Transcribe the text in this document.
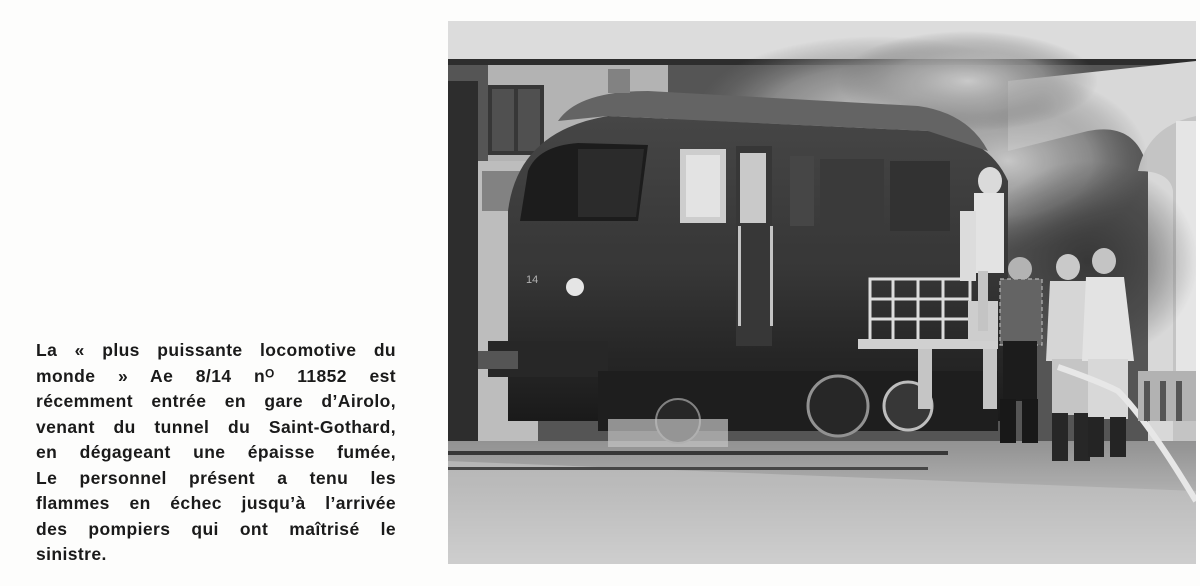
La « plus puissante locomotive du
monde » Ae 8/14 nᴼ 11852 est
récemment entrée en gare d’Airolo,
venant du tunnel du Saint-Gothard,
en dégageant une épaisse fumée,
Le personnel présent a tenu les
flammes en échec jusqu’à l’arrivée
des pompiers qui ont maîtrisé le
sinistre.
14
